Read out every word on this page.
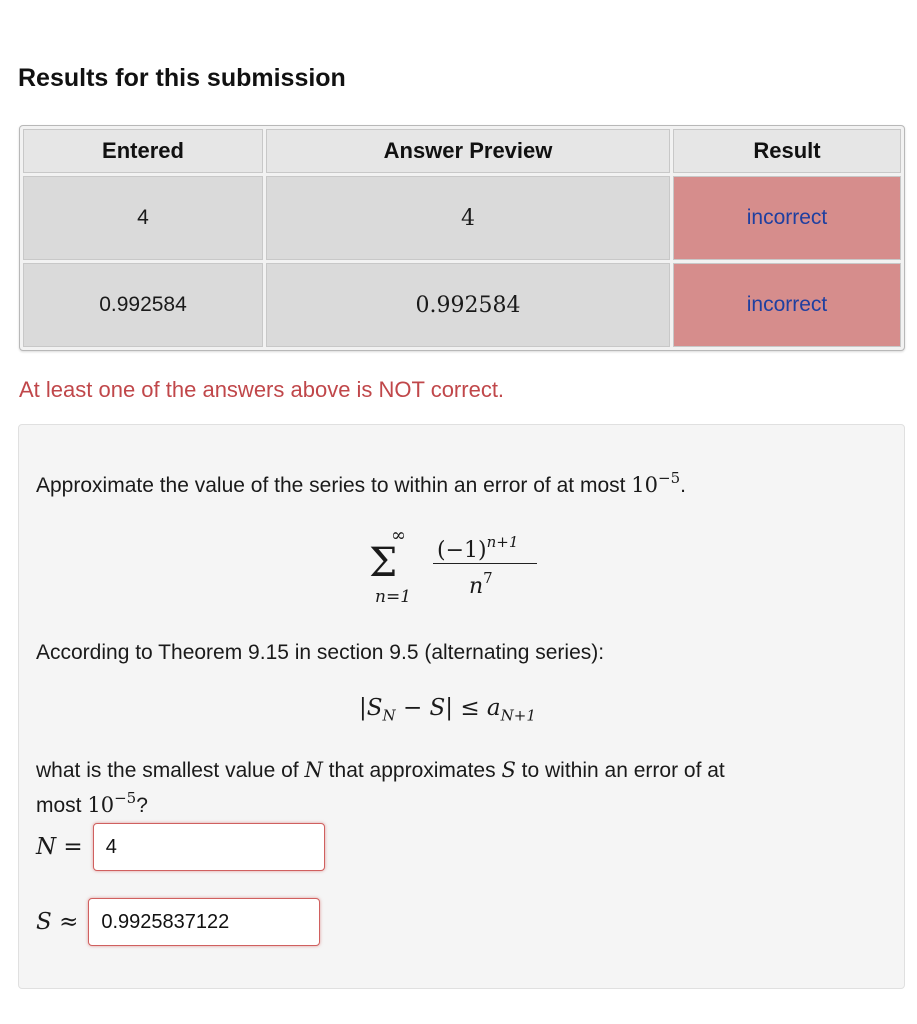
Results for this submission
Entered	Answer Preview	Result
4	4	incorrect
0.992584	0.992584	incorrect

At least one of the answers above is NOT correct.

Approximate the value of the series to within an error of at most $10^{-5}$.

Σ
∞
n=1
$(-1)^{n+1}$
$n^7$

According to Theorem 9.15 in section 9.5 (alternating series):

$|S_N - S| \le a_{N+1}$

what is the smallest value of N that approximates S to within an error of at
most $10^{-5}$?

N =
4
S ≈
0.9925837122
